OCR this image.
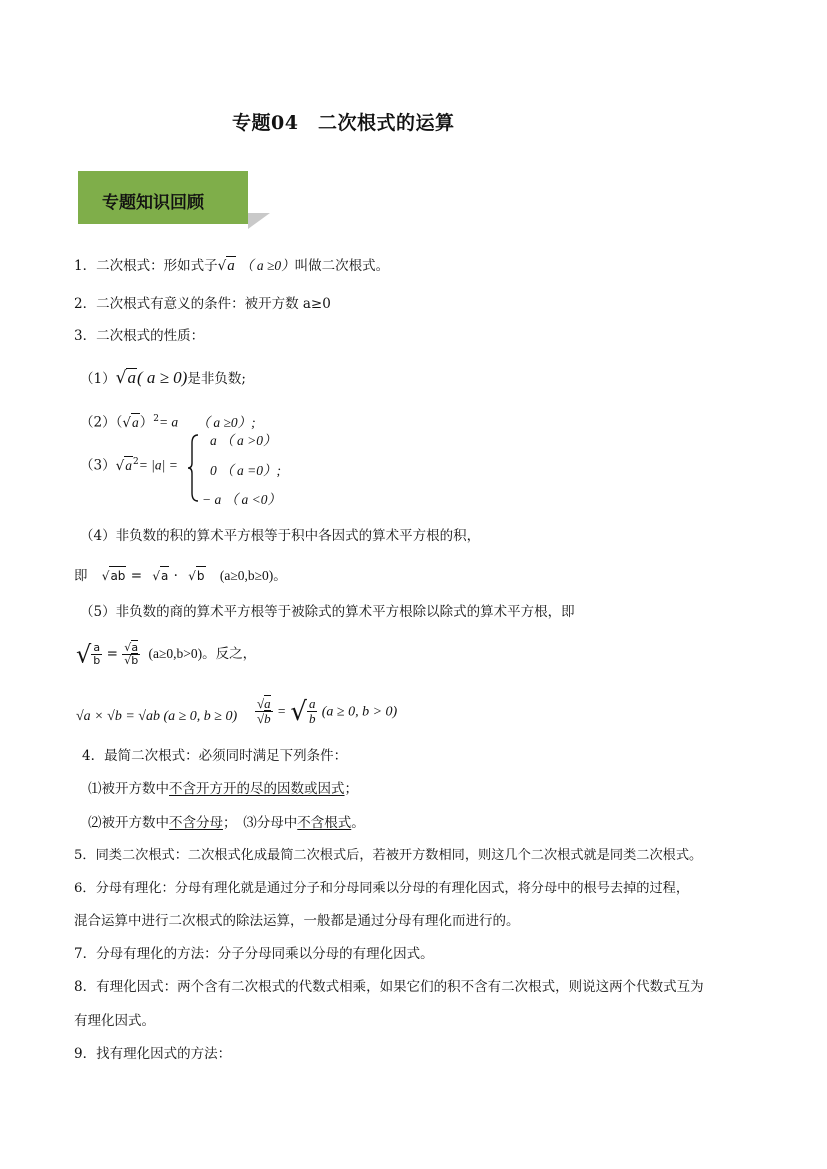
专题04　二次根式的运算
专题知识回顾
1．二次根式：形如式子√a （ a ≥0）叫做二次根式。
2．二次根式有意义的条件：被开方数 a≥0
3．二次根式的性质：
（1）√a( a ≥ 0)是非负数;
$(2)(√a)^2= a$ （ a ≥0）;
$(3)√a^2= |a|$ =
a （ a >0）
0 （ a =0）;
− a （ a <0）
（4）非负数的积的算术平方根等于积中各因式的算术平方根的积，
即 √ab = √a · √b (a≥0,b≥0)。
（5）非负数的商的算术平方根等于被除式的算术平方根除以除式的算术平方根，即
√ $\frac{a}{b} = \frac{√a}{√b} (a\ge 0,b>0)$。反之，
√a × √b = √ab (a ≥ 0, $b \ge 0) \frac{√a}{√b}$ = √ $\frac{a}{b} (a \ge 0$, b > 0)
4．最简二次根式：必须同时满足下列条件：
⑴被开方数中不含开方开的尽的因数或因式；
⑵被开方数中不含分母；　⑶分母中不含根式。
5．同类二次根式：二次根式化成最简二次根式后，若被开方数相同，则这几个二次根式就是同类二次根式。
6．分母有理化：分母有理化就是通过分子和分母同乘以分母的有理化因式，将分母中的根号去掉的过程，
混合运算中进行二次根式的除法运算，一般都是通过分母有理化而进行的。
7．分母有理化的方法：分子分母同乘以分母的有理化因式。
8．有理化因式：两个含有二次根式的代数式相乘，如果它们的积不含有二次根式，则说这两个代数式互为
有理化因式。
9．找有理化因式的方法：
